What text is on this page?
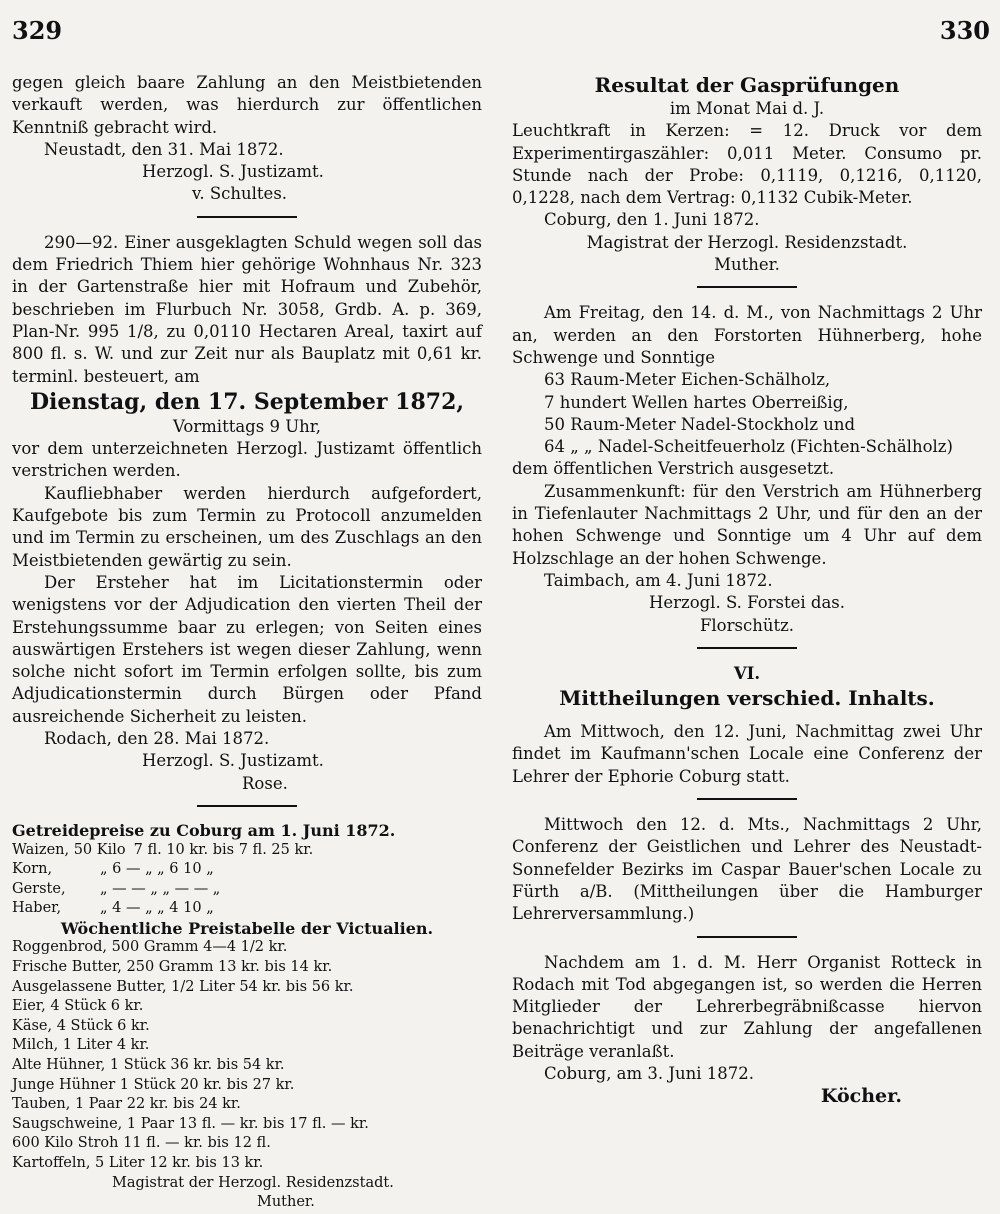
329	330

gegen gleich baare Zahlung an den Meistbietenden verkauft werden, was hierdurch zur öffentlichen Kenntniß gebracht wird.

Neustadt, den 31. Mai 1872.

Herzogl. S. Justizamt.

v. Schultes.

290—92. Einer ausgeklagten Schuld wegen soll das dem Friedrich Thiem hier gehörige Wohnhaus Nr. 323 in der Gartenstraße hier mit Hofraum und Zubehör, beschrieben im Flurbuch Nr. 3058, Grdb. A. p. 369, Plan-Nr. 995 1/8, zu 0,0110 Hectaren Areal, taxirt auf 800 fl. s. W. und zur Zeit nur als Bauplatz mit 0,61 kr. terminl. besteuert, am

Dienstag, den 17. September 1872,

Vormittags 9 Uhr,

vor dem unterzeichneten Herzogl. Justizamt öffentlich verstrichen werden.

Kaufliebhaber werden hierdurch aufgefordert, Kaufgebote bis zum Termin zu Protocoll anzumelden und im Termin zu erscheinen, um des Zuschlags an den Meistbietenden gewärtig zu sein.

Der Ersteher hat im Licitationstermin oder wenigstens vor der Adjudication den vierten Theil der Erstehungssumme baar zu erlegen; von Seiten eines auswärtigen Erstehers ist wegen dieser Zahlung, wenn solche nicht sofort im Termin erfolgen sollte, bis zum Adjudicationstermin durch Bürgen oder Pfand ausreichende Sicherheit zu leisten.

Rodach, den 28. Mai 1872.

Herzogl. S. Justizamt.

Rose.

Getreidepreise zu Coburg am 1. Juni 1872.

Waizen, 50 Kilo 7 fl. 10 kr. bis 7 fl. 25 kr.
Korn,	„ 6 — „ „ 6 10 „
Gerste,	„ — — „ „ — — „
Haber,	„ 4 — „ „ 4 10 „

Wöchentliche Preistabelle der Victualien.

Roggenbrod, 500 Gramm 4—4 1/2 kr.

Frische Butter, 250 Gramm 13 kr. bis 14 kr.

Ausgelassene Butter, 1/2 Liter 54 kr. bis 56 kr.

Eier, 4 Stück 6 kr.

Käse, 4 Stück 6 kr.

Milch, 1 Liter 4 kr.

Alte Hühner, 1 Stück 36 kr. bis 54 kr.

Junge Hühner 1 Stück 20 kr. bis 27 kr.

Tauben, 1 Paar 22 kr. bis 24 kr.

Saugschweine, 1 Paar 13 fl. — kr. bis 17 fl. — kr.

600 Kilo Stroh 11 fl. — kr. bis 12 fl.

Kartoffeln, 5 Liter 12 kr. bis 13 kr.

Magistrat der Herzogl. Residenzstadt.

Muther.

Resultat der Gasprüfungen

im Monat Mai d. J.

Leuchtkraft in Kerzen: = 12. Druck vor dem Experimentirgaszähler: 0,011 Meter. Consumo pr. Stunde nach der Probe: 0,1119, 0,1216, 0,1120, 0,1228, nach dem Vertrag: 0,1132 Cubik-Meter.

Coburg, den 1. Juni 1872.

Magistrat der Herzogl. Residenzstadt.

Muther.

Am Freitag, den 14. d. M., von Nachmittags 2 Uhr an, werden an den Forstorten Hühnerberg, hohe Schwenge und Sonntige

63 Raum-Meter Eichen-Schälholz,

7 hundert Wellen hartes Oberreißig,

50 Raum-Meter Nadel-Stockholz und

64 „ „ Nadel-Scheitfeuerholz (Fichten-Schälholz)

dem öffentlichen Verstrich ausgesetzt.

Zusammenkunft: für den Verstrich am Hühnerberg in Tiefenlauter Nachmittags 2 Uhr, und für den an der hohen Schwenge und Sonntige um 4 Uhr auf dem Holzschlage an der hohen Schwenge.

Taimbach, am 4. Juni 1872.

Herzogl. S. Forstei das.

Florschütz.

VI.

Mittheilungen verschied. Inhalts.

Am Mittwoch, den 12. Juni, Nachmittag zwei Uhr findet im Kaufmann'schen Locale eine Conferenz der Lehrer der Ephorie Coburg statt.

Mittwoch den 12. d. Mts., Nachmittags 2 Uhr, Conferenz der Geistlichen und Lehrer des Neustadt-Sonnefelder Bezirks im Caspar Bauer'schen Locale zu Fürth a/B. (Mittheilungen über die Hamburger Lehrerversammlung.)

Nachdem am 1. d. M. Herr Organist Rotteck in Rodach mit Tod abgegangen ist, so werden die Herren Mitglieder der Lehrerbegräbnißcasse hiervon benachrichtigt und zur Zahlung der angefallenen Beiträge veranlaßt.

Coburg, am 3. Juni 1872.

Köcher.
